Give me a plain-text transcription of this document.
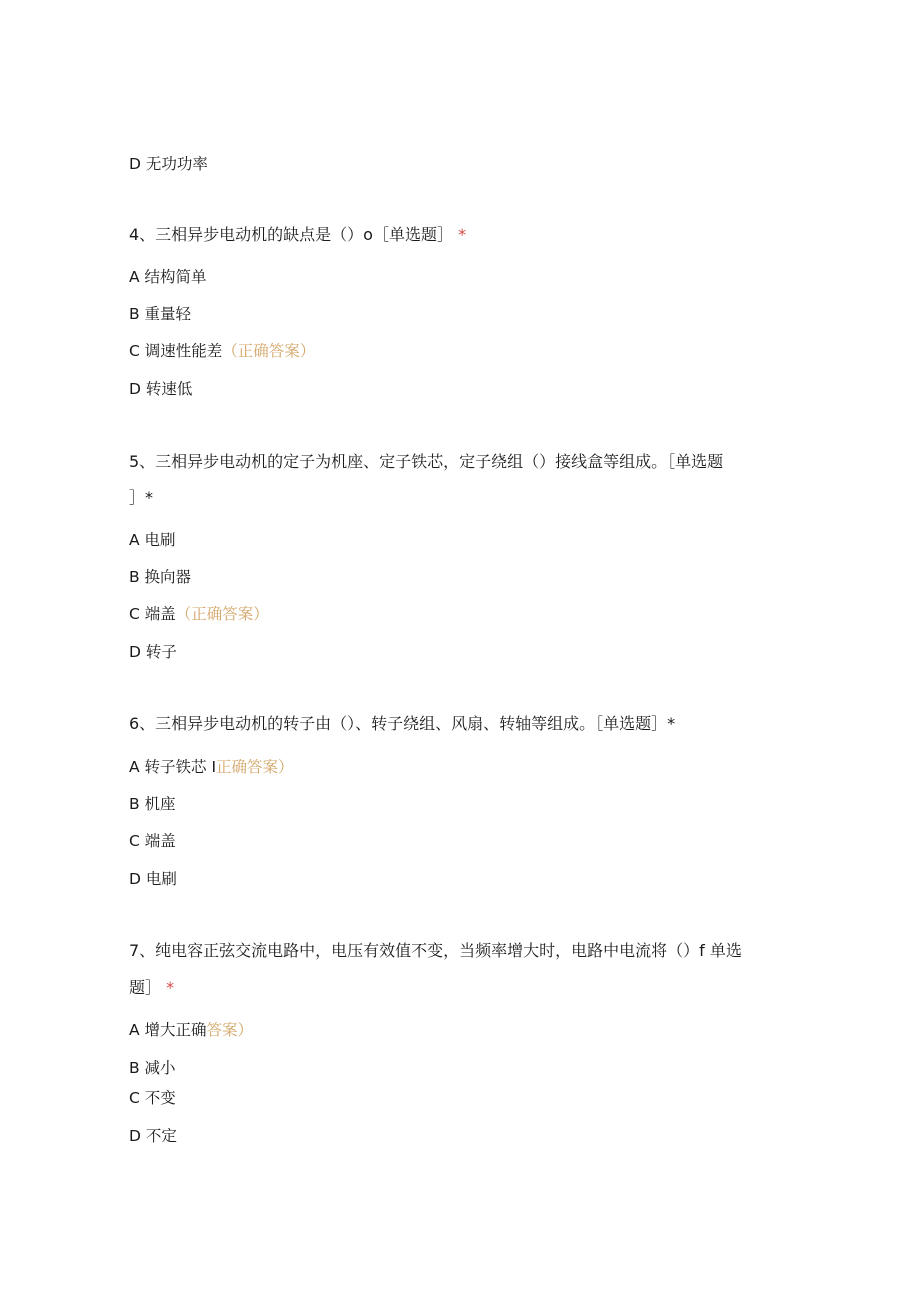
D 无功功率
4、三相异步电动机的缺点是（）o［单选题］ *
A 结构简单
B 重量轻
C 调速性能差（正确答案）
D 转速低
5、三相异步电动机的定子为机座、定子铁芯，定子绕组（）接线盒等组成。［单选题
］*
A 电刷
B 换向器
C 端盖（正确答案）
D 转子
6、三相异步电动机的转子由（）、转子绕组、风扇、转轴等组成。［单选题］*
A 转子铁芯 I正确答案）
B 机座
C 端盖
D 电刷
7、纯电容正弦交流电路中，电压有效值不变，当频率增大时，电路中电流将（）f 单选
题］ *
A 增大正确答案）
B 减小
C 不变
D 不定
